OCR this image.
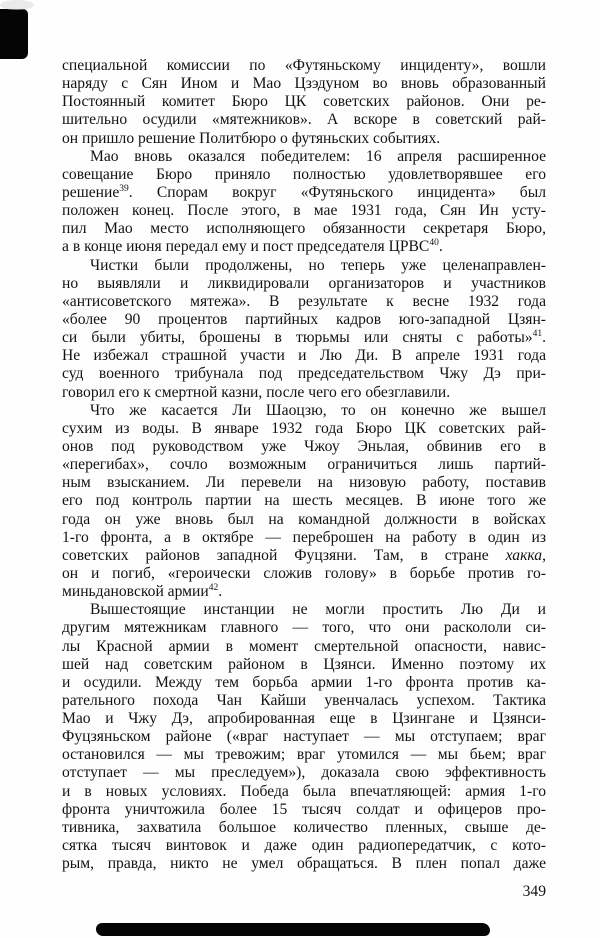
специальной комиссии по «Футяньскому инциденту», вошли
наряду с Сян Ином и Мао Цзэдуном во вновь образованный
Постоянный комитет Бюро ЦК советских районов. Они ре-
шительно осудили «мятежников». А вскоре в советский рай-
он пришло решение Политбюро о футяньских событиях.
Мао вновь оказался победителем: 16 апреля расширенное
совещание Бюро приняло полностью удовлетворявшее его
решение$^{39}$. Спорам вокруг «Футяньского инцидента» был
положен конец. После этого, в мае 1931 года, Сян Ин усту-
пил Мао место исполняющего обязанности секретаря Бюро,
а в конце июня передал ему и пост председателя ЦРВС$^{40}$.
Чистки были продолжены, но теперь уже целенаправлен-
но выявляли и ликвидировали организаторов и участников
«антисоветского мятежа». В результате к весне 1932 года
«более 90 процентов партийных кадров юго-западной Цзян-
си были убиты, брошены в тюрьмы или сняты с работы»$^{41}$.
Не избежал страшной участи и Лю Ди. В апреле 1931 года
суд военного трибунала под председательством Чжу Дэ при-
говорил его к смертной казни, после чего его обезглавили.
Что же касается Ли Шаоцзю, то он конечно же вышел
сухим из воды. В январе 1932 года Бюро ЦК советских рай-
онов под руководством уже Чжоу Эньлая, обвинив его в
«перегибах», сочло возможным ограничиться лишь партий-
ным взысканием. Ли перевели на низовую работу, поставив
его под контроль партии на шесть месяцев. В июне того же
года он уже вновь был на командной должности в войсках
1-го фронта, а в октябре — переброшен на работу в один из
советских районов западной Фуцзяни. Там, в стране хакка,
он и погиб, «героически сложив голову» в борьбе против го-
миньдановской армии$^{42}$.
Вышестоящие инстанции не могли простить Лю Ди и
другим мятежникам главного — того, что они раскололи си-
лы Красной армии в момент смертельной опасности, навис-
шей над советским районом в Цзянси. Именно поэтому их
и осудили. Между тем борьба армии 1-го фронта против ка-
рательного похода Чан Кайши увенчалась успехом. Тактика
Мао и Чжу Дэ, апробированная еще в Цзингане и Цзянси-
Фуцзяньском районе («враг наступает — мы отступаем; враг
остановился — мы тревожим; враг утомился — мы бьем; враг
отступает — мы преследуем»), доказала свою эффективность
и в новых условиях. Победа была впечатляющей: армия 1-го
фронта уничтожила более 15 тысяч солдат и офицеров про-
тивника, захватила большое количество пленных, свыше де-
сятка тысяч винтовок и даже один радиопередатчик, с кото-
рым, правда, никто не умел обращаться. В плен попал даже
349
